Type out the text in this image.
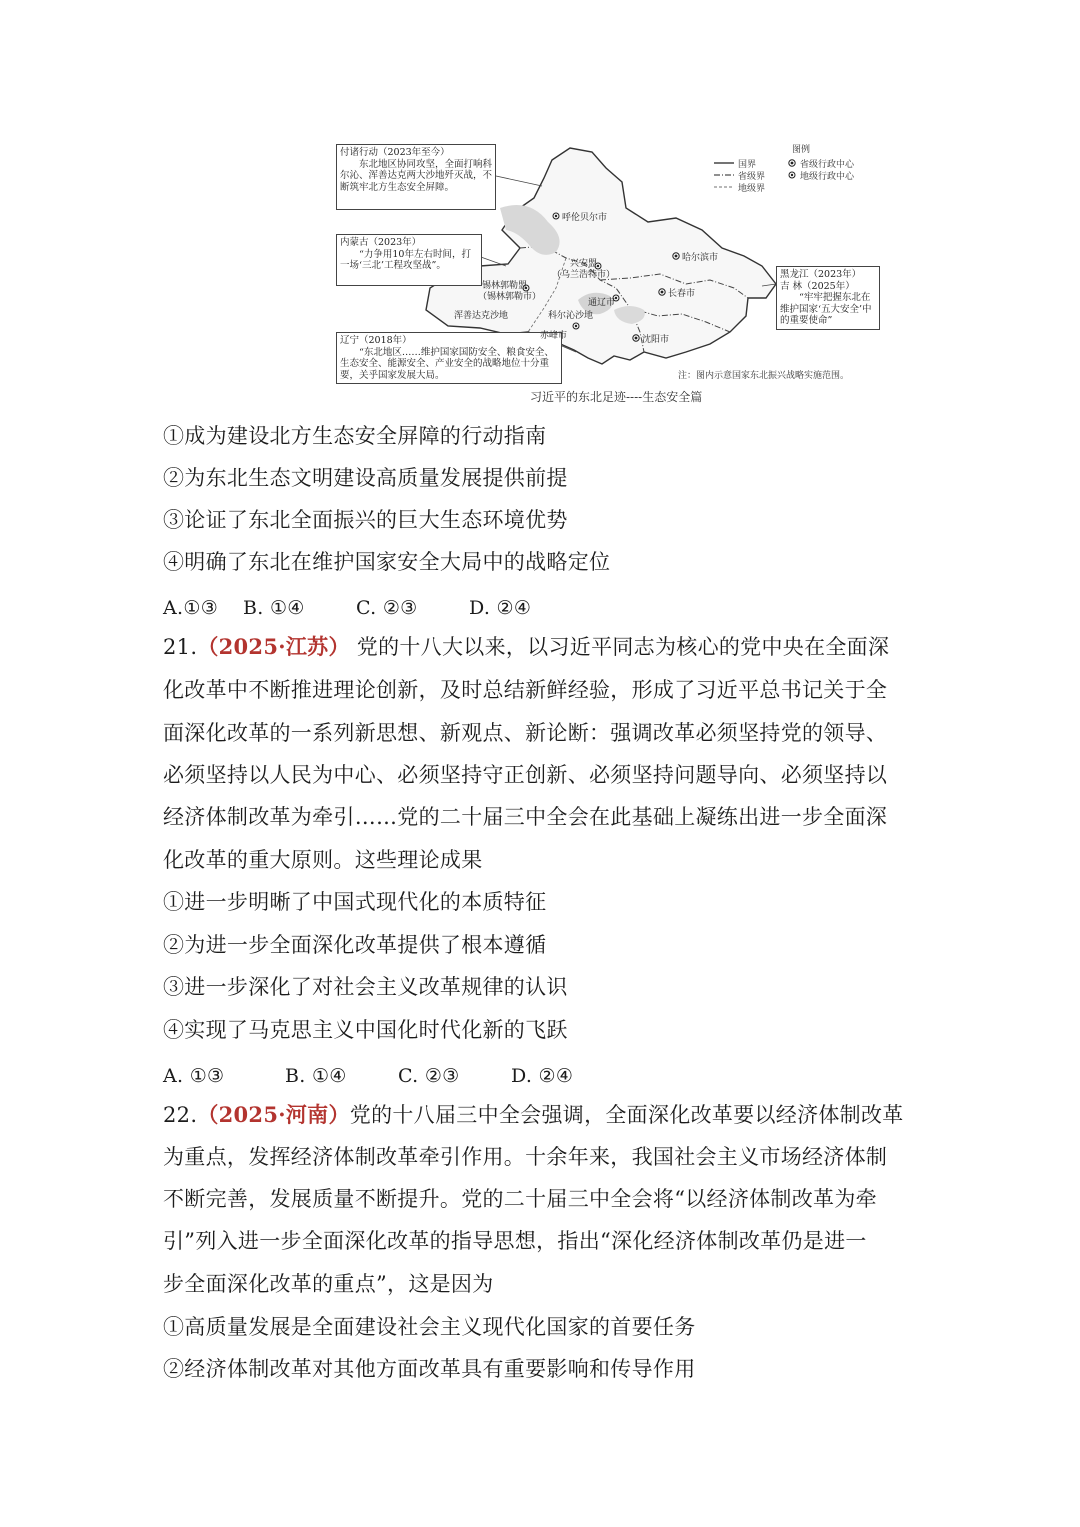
图例
国界	省级行政中心
省级界	地级行政中心
地级界
付诸行动（2023年至今）
东北地区协同攻坚，全面打响科尔沁、浑善达克两大沙地歼灭战，不断筑牢北方生态安全屏障。
内蒙古（2023年）
“力争用10年左右时间，打一场‘三北’工程攻坚战”。
辽宁（2018年）
“东北地区……维护国家国防安全、粮食安全、生态安全、能源安全、产业安全的战略地位十分重要，关乎国家发展大局。
黑龙江（2023年）
吉 林（2025年）
“牢牢把握东北在维护国家‘五大安全’中的重要使命”
呼伦贝尔市
哈尔滨市
兴安盟
（乌兰浩特市）
锡林郭勒盟
（锡林郭勒市）
通辽市
长春市
浑善达克沙地	科尔沁沙地
赤峰市	沈阳市
注：图内示意国家东北振兴战略实施范围。
习近平的东北足迹----生态安全篇
①成为建设北方生态安全屏障的行动指南
②为东北生态文明建设高质量发展提供前提
③论证了东北全面振兴的巨大生态环境优势
④明确了东北在维护国家安全大局中的战略定位
A.①③ B. ①④	C. ②③	D. ②④
21.（2025·江苏） 党的十八大以来，以习近平同志为核心的党中央在全面深
化改革中不断推进理论创新，及时总结新鲜经验，形成了习近平总书记关于全
面深化改革的一系列新思想、新观点、新论断：强调改革必须坚持党的领导、
必须坚持以人民为中心、必须坚持守正创新、必须坚持问题导向、必须坚持以
经济体制改革为牵引……党的二十届三中全会在此基础上凝练出进一步全面深
化改革的重大原则。这些理论成果
①进一步明晰了中国式现代化的本质特征
②为进一步全面深化改革提供了根本遵循
③进一步深化了对社会主义改革规律的认识
④实现了马克思主义中国化时代化新的飞跃
A. ①③	B. ①④	C. ②③	D. ②④
22.（2025·河南）党的十八届三中全会强调，全面深化改革要以经济体制改革
为重点，发挥经济体制改革牵引作用。十余年来，我国社会主义市场经济体制
不断完善，发展质量不断提升。党的二十届三中全会将“以经济体制改革为牵
引”列入进一步全面深化改革的指导思想，指出“深化经济体制改革仍是进一
步全面深化改革的重点”，这是因为
①高质量发展是全面建设社会主义现代化国家的首要任务
②经济体制改革对其他方面改革具有重要影响和传导作用
